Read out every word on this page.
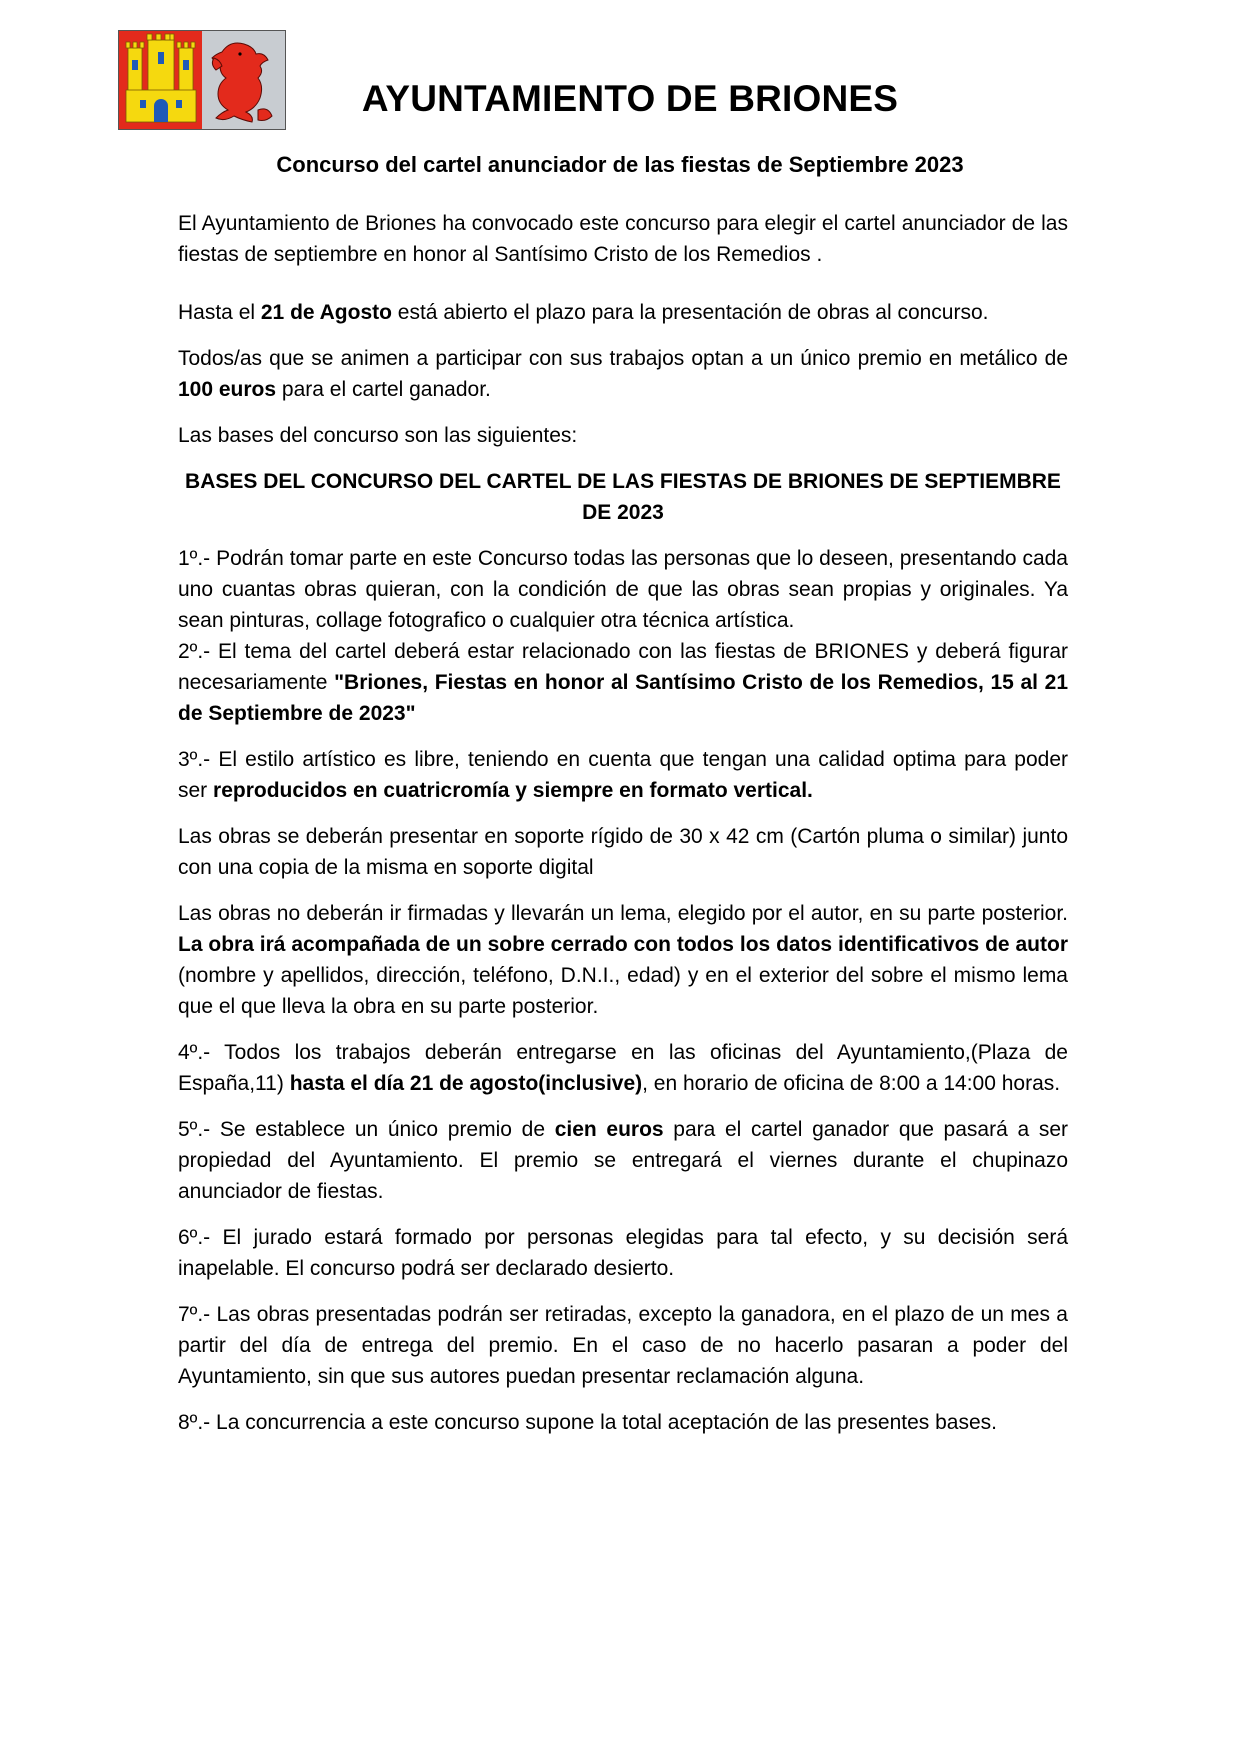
AYUNTAMIENTO DE BRIONES
Concurso del cartel anunciador de las fiestas de Septiembre 2023

El Ayuntamiento de Briones ha convocado este concurso para elegir el cartel anunciador de las fiestas de septiembre en honor al Santísimo Cristo de los Remedios .

Hasta el 21 de Agosto está abierto el plazo para la presentación de obras al concurso.

Todos/as que se animen a participar con sus trabajos optan a un único premio en metálico de 100 euros para el cartel ganador.

Las bases del concurso son las siguientes:

BASES DEL CONCURSO DEL CARTEL DE LAS FIESTAS DE BRIONES DE SEPTIEMBRE DE 2023

1º.- Podrán tomar parte en este Concurso todas las personas que lo deseen, presentando cada uno cuantas obras quieran, con la condición de que las obras sean propias y originales. Ya sean pinturas, collage fotografico o cualquier otra técnica artística.

2º.- El tema del cartel deberá estar relacionado con las fiestas de BRIONES y deberá figurar necesariamente "Briones, Fiestas en honor al Santísimo Cristo de los Remedios, 15 al 21 de Septiembre de 2023"

3º.- El estilo artístico es libre, teniendo en cuenta que tengan una calidad optima para poder ser reproducidos en cuatricromía y siempre en formato vertical.

Las obras se deberán presentar en soporte rígido de 30 x 42 cm (Cartón pluma o similar) junto con una copia de la misma en soporte digital

Las obras no deberán ir firmadas y llevarán un lema, elegido por el autor, en su parte posterior. La obra irá acompañada de un sobre cerrado con todos los datos identificativos de autor (nombre y apellidos, dirección, teléfono, D.N.I., edad) y en el exterior del sobre el mismo lema que el que lleva la obra en su parte posterior.

4º.- Todos los trabajos deberán entregarse en las oficinas del Ayuntamiento,(Plaza de España,11) hasta el día 21 de agosto(inclusive), en horario de oficina de 8:00 a 14:00 horas.

5º.- Se establece un único premio de cien euros para el cartel ganador que pasará a ser propiedad del Ayuntamiento. El premio se entregará el viernes durante el chupinazo anunciador de fiestas.

6º.- El jurado estará formado por personas elegidas para tal efecto, y su decisión será inapelable. El concurso podrá ser declarado desierto.

7º.- Las obras presentadas podrán ser retiradas, excepto la ganadora, en el plazo de un mes a partir del día de entrega del premio. En el caso de no hacerlo pasaran a poder del Ayuntamiento, sin que sus autores puedan presentar reclamación alguna.

8º.- La concurrencia a este concurso supone la total aceptación de las presentes bases.
